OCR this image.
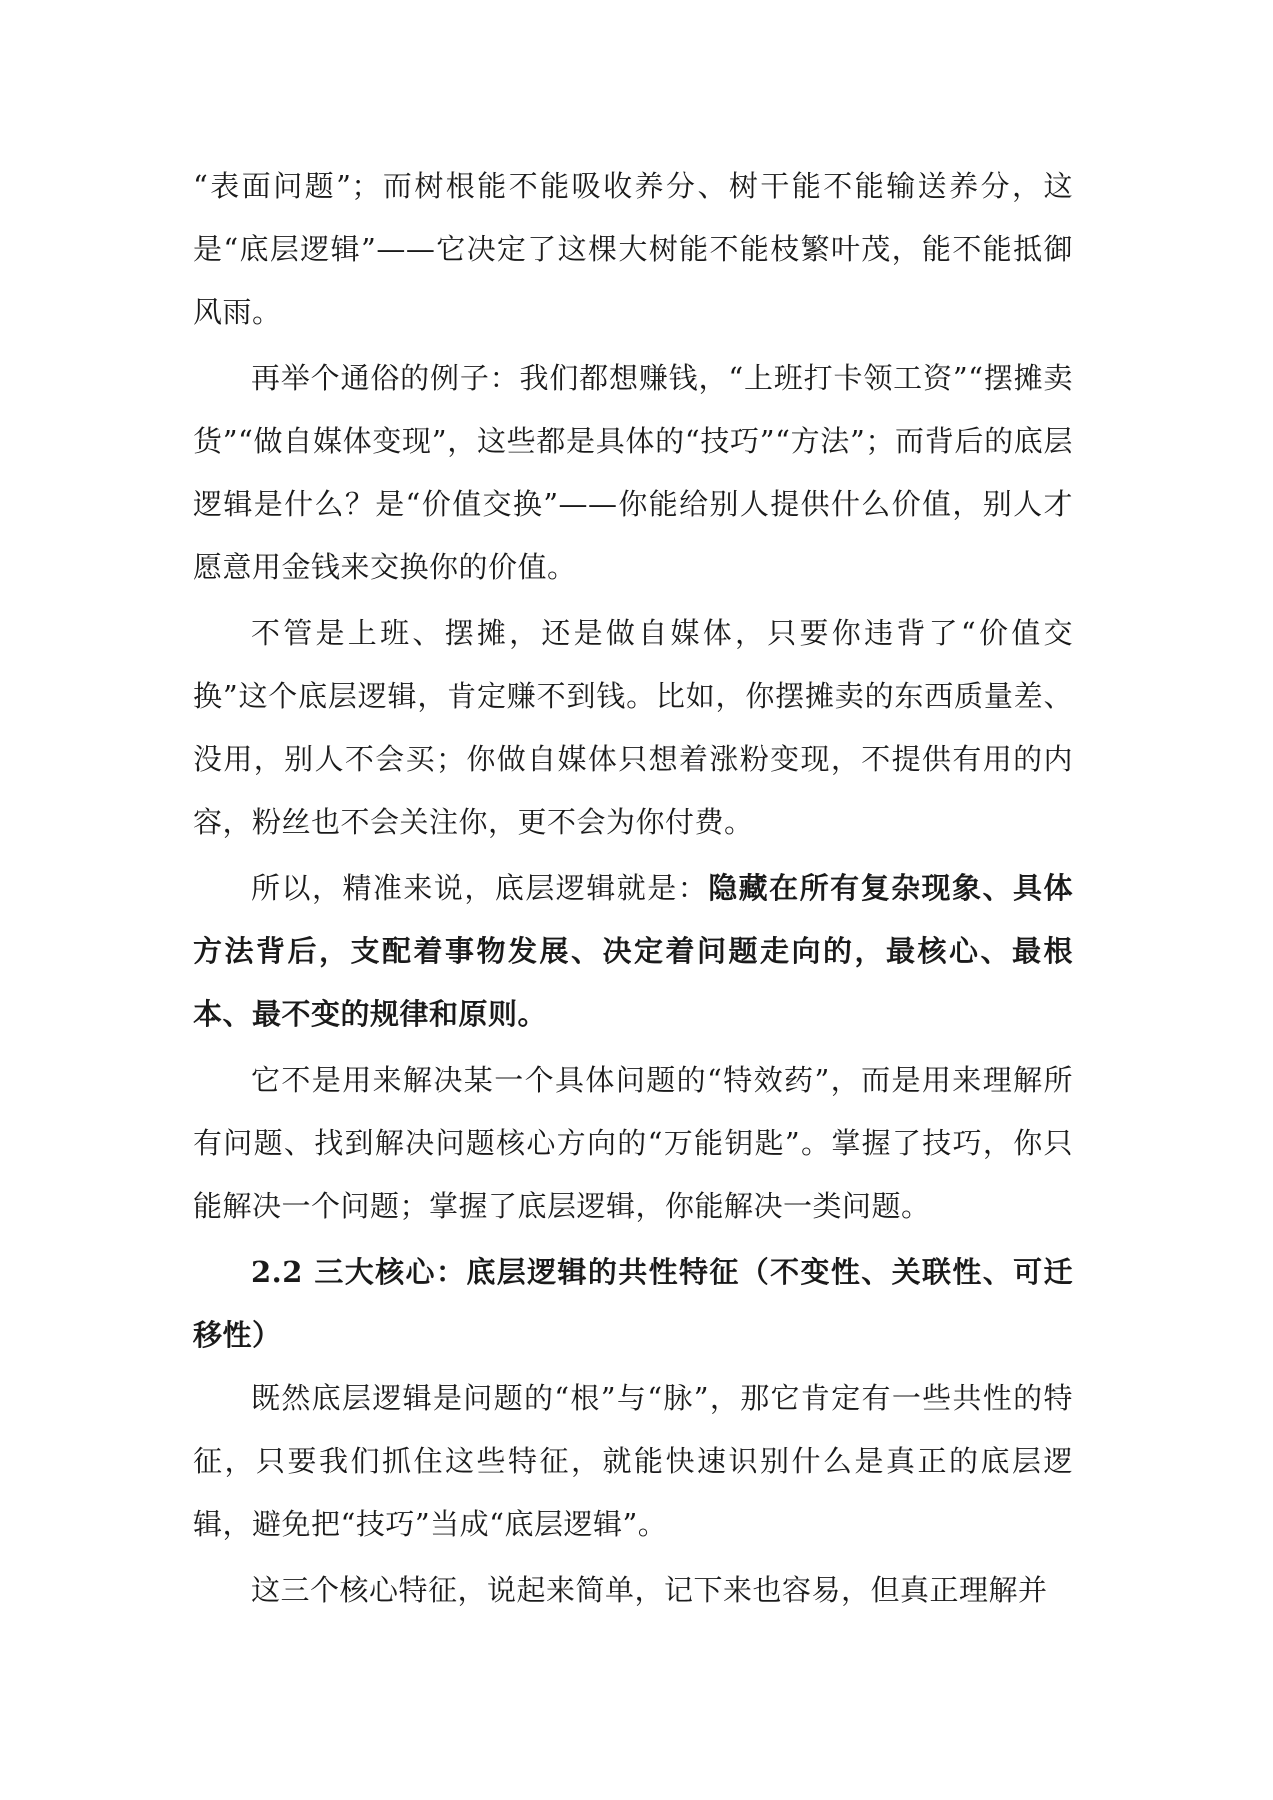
“表面问题”；而树根能不能吸收养分、树干能不能输送养分，这是“底层逻辑”——它决定了这棵大树能不能枝繁叶茂，能不能抵御风雨。

再举个通俗的例子：我们都想赚钱，“上班打卡领工资”“摆摊卖货”“做自媒体变现”，这些都是具体的“技巧”“方法”；而背后的底层逻辑是什么？是“价值交换”——你能给别人提供什么价值，别人才愿意用金钱来交换你的价值。

不管是上班、摆摊，还是做自媒体，只要你违背了“价值交换”这个底层逻辑，肯定赚不到钱。比如，你摆摊卖的东西质量差、没用，别人不会买；你做自媒体只想着涨粉变现，不提供有用的内容，粉丝也不会关注你，更不会为你付费。

所以，精准来说，底层逻辑就是：隐藏在所有复杂现象、具体方法背后，支配着事物发展、决定着问题走向的，最核心、最根本、最不变的规律和原则。

它不是用来解决某一个具体问题的“特效药”，而是用来理解所有问题、找到解决问题核心方向的“万能钥匙”。掌握了技巧，你只能解决一个问题；掌握了底层逻辑，你能解决一类问题。

2.2 三大核心：底层逻辑的共性特征（不变性、关联性、可迁移性）

既然底层逻辑是问题的“根”与“脉”，那它肯定有一些共性的特征，只要我们抓住这些特征，就能快速识别什么是真正的底层逻辑，避免把“技巧”当成“底层逻辑”。

这三个核心特征，说起来简单，记下来也容易，但真正理解并
